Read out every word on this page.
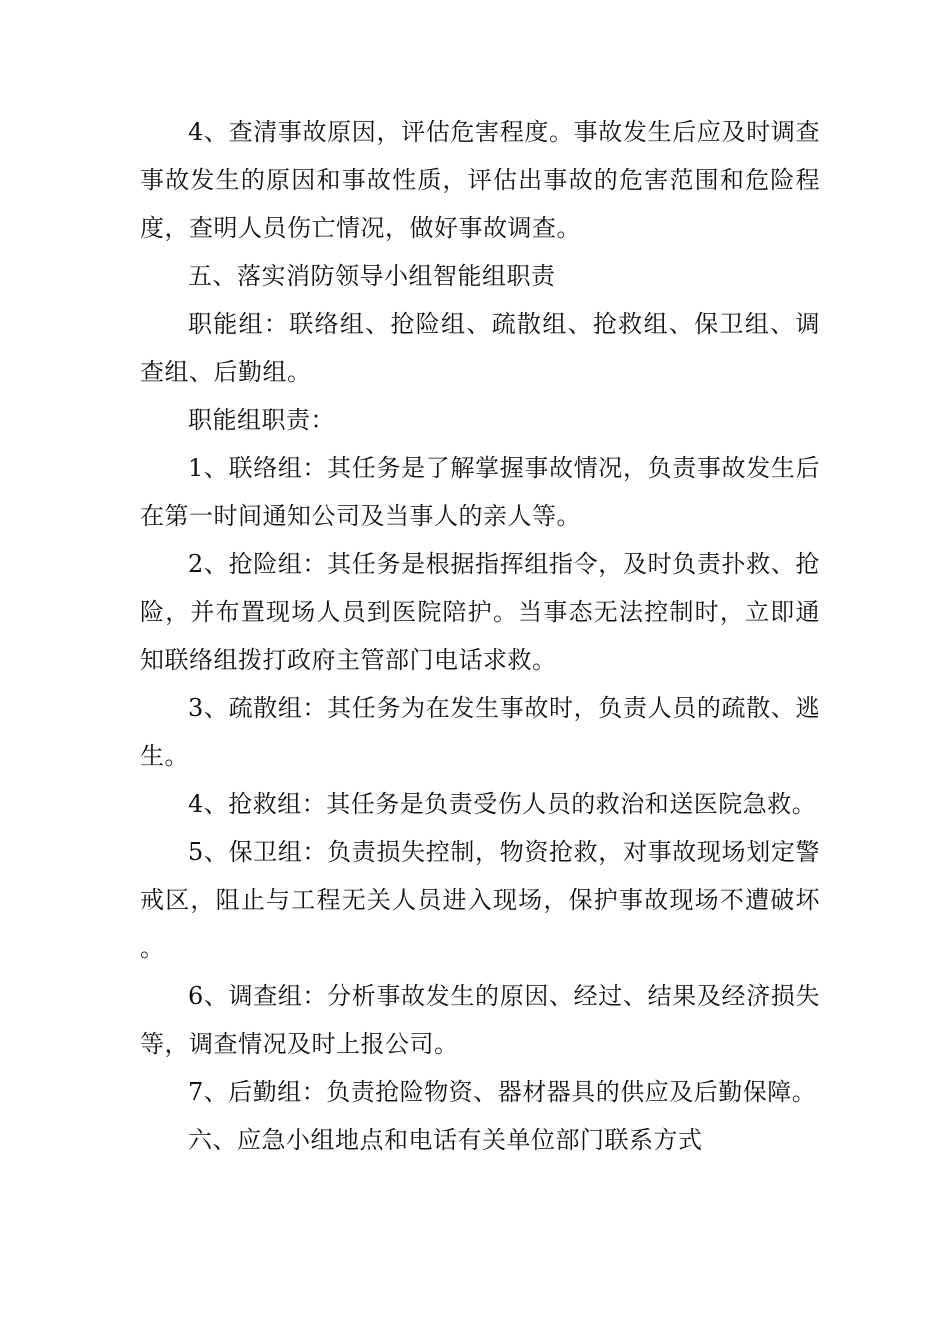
4、查清事故原因，评估危害程度。事故发生后应及时调查事故发生的原因和事故性质，评估出事故的危害范围和危险程度，查明人员伤亡情况，做好事故调查。

五、落实消防领导小组智能组职责

职能组：联络组、抢险组、疏散组、抢救组、保卫组、调查组、后勤组。

职能组职责：

1、联络组：其任务是了解掌握事故情况，负责事故发生后在第一时间通知公司及当事人的亲人等。

2、抢险组：其任务是根据指挥组指令，及时负责扑救、抢险，并布置现场人员到医院陪护。当事态无法控制时，立即通知联络组拨打政府主管部门电话求救。

3、疏散组：其任务为在发生事故时，负责人员的疏散、逃生。

4、抢救组：其任务是负责受伤人员的救治和送医院急救。

5、保卫组：负责损失控制，物资抢救，对事故现场划定警戒区，阻止与工程无关人员进入现场，保护事故现场不遭破坏。

6、调查组：分析事故发生的原因、经过、结果及经济损失等，调查情况及时上报公司。

7、后勤组：负责抢险物资、器材器具的供应及后勤保障。

六、应急小组地点和电话有关单位部门联系方式
